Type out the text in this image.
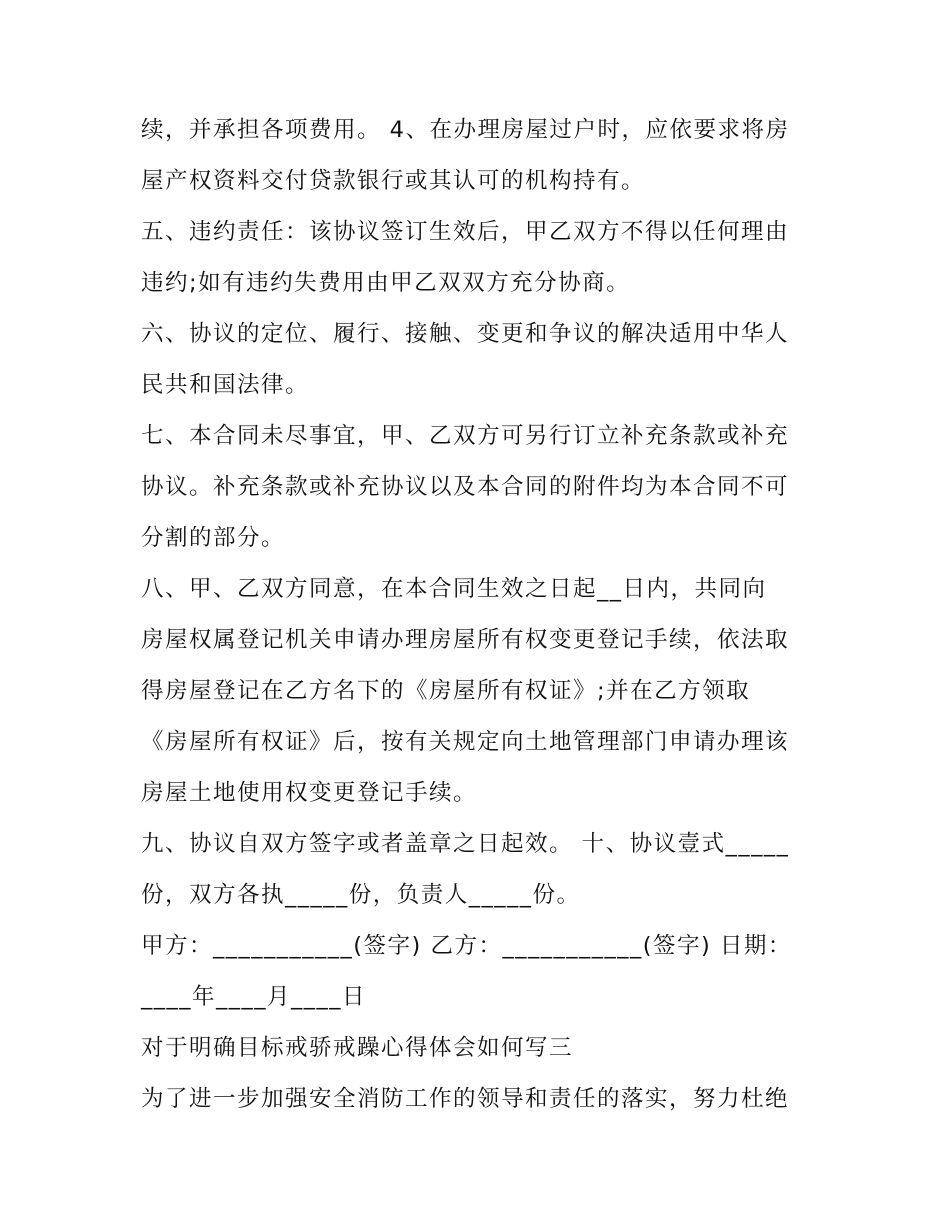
续，并承担各项费用。 4、在办理房屋过户时，应依要求将房

屋产权资料交付贷款银行或其认可的机构持有。

五、违约责任：该协议签订生效后，甲乙双方不得以任何理由

违约;如有违约失费用由甲乙双双方充分协商。

六、协议的定位、履行、接触、变更和争议的解决适用中华人

民共和国法律。

七、本合同未尽事宜，甲、乙双方可另行订立补充条款或补充

协议。补充条款或补充协议以及本合同的附件均为本合同不可

分割的部分。

八、甲、乙双方同意，在本合同生效之日起__日内，共同向

房屋权属登记机关申请办理房屋所有权变更登记手续，依法取

得房屋登记在乙方名下的《房屋所有权证》;并在乙方领取

《房屋所有权证》后，按有关规定向土地管理部门申请办理该

房屋土地使用权变更登记手续。

九、协议自双方签字或者盖章之日起效。 十、协议壹式_____

份，双方各执_____份，负责人_____份。

甲方：___________(签字) 乙方：___________(签字) 日期：

____年____月____日

对于明确目标戒骄戒躁心得体会如何写三

为了进一步加强安全消防工作的领导和责任的落实，努力杜绝
